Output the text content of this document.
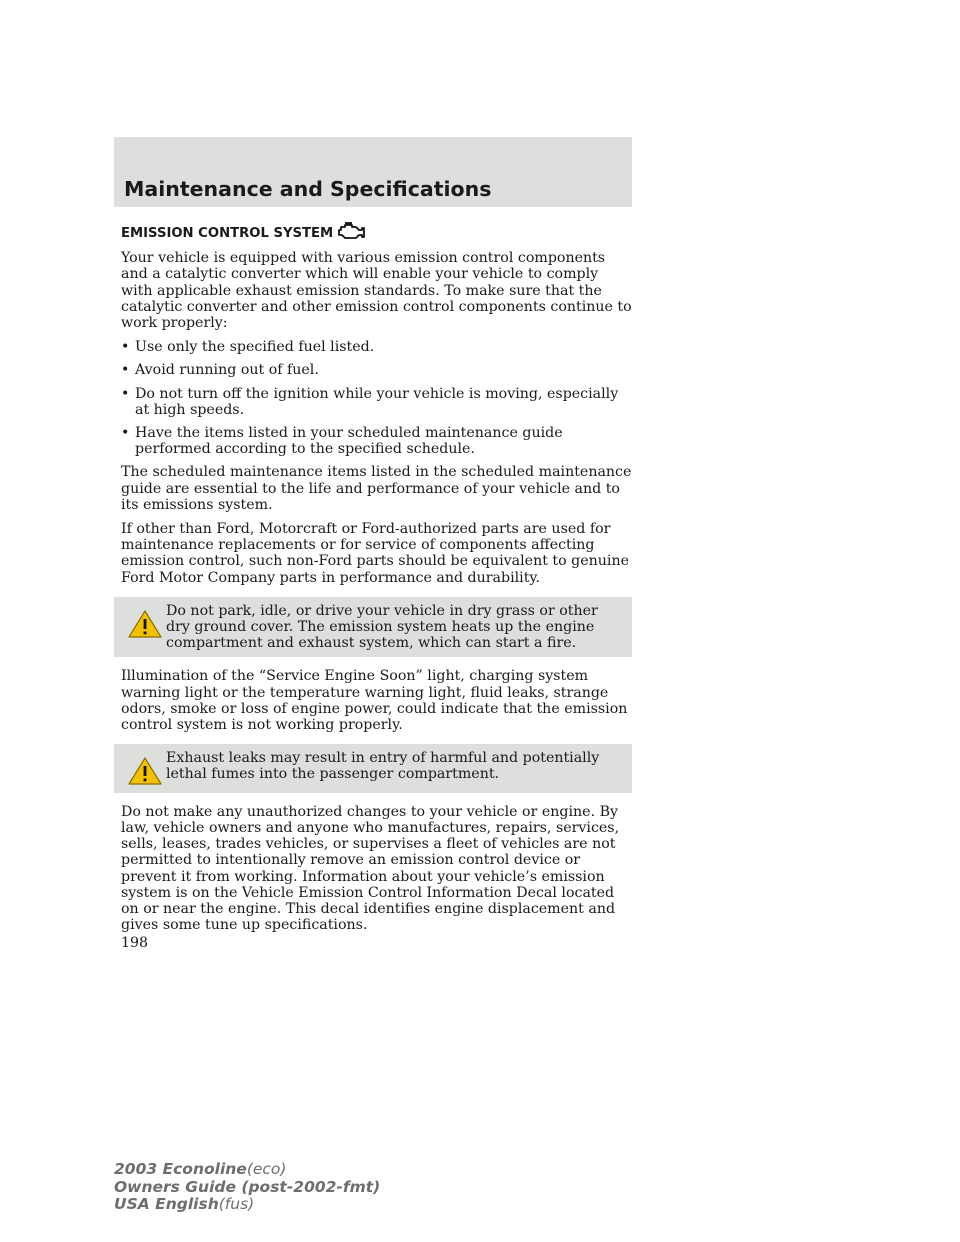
Maintenance and Specifications
EMISSION CONTROL SYSTEM

Your vehicle is equipped with various emission control components and a catalytic converter which will enable your vehicle to comply with applicable exhaust emission standards. To make sure that the catalytic converter and other emission control components continue to work properly:

• Use only the specified fuel listed.
• Avoid running out of fuel.
• Do not turn off the ignition while your vehicle is moving, especially at high speeds.
• Have the items listed in your scheduled maintenance guide performed according to the specified schedule.

The scheduled maintenance items listed in the scheduled maintenance guide are essential to the life and performance of your vehicle and to its emissions system.

If other than Ford, Motorcraft or Ford-authorized parts are used for maintenance replacements or for service of components affecting emission control, such non-Ford parts should be equivalent to genuine Ford Motor Company parts in performance and durability.

Do not park, idle, or drive your vehicle in dry grass or other dry ground cover. The emission system heats up the engine compartment and exhaust system, which can start a fire.

Illumination of the “Service Engine Soon” light, charging system warning light or the temperature warning light, fluid leaks, strange odors, smoke or loss of engine power, could indicate that the emission control system is not working properly.

Exhaust leaks may result in entry of harmful and potentially lethal fumes into the passenger compartment.

Do not make any unauthorized changes to your vehicle or engine. By law, vehicle owners and anyone who manufactures, repairs, services, sells, leases, trades vehicles, or supervises a fleet of vehicles are not permitted to intentionally remove an emission control device or prevent it from working. Information about your vehicle’s emission system is on the Vehicle Emission Control Information Decal located on or near the engine. This decal identifies engine displacement and gives some tune up specifications.

198
2003 Econoline(eco)
Owners Guide (post-2002-fmt)
USA English(fus)
